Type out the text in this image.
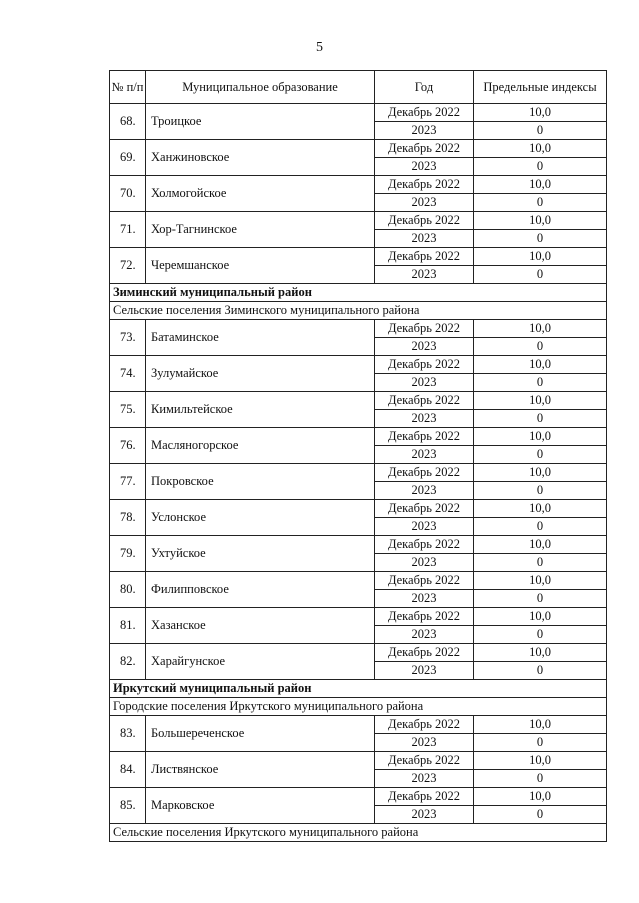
5
№ п/п	Муниципальное образование	Год	Предельные индексы
68.	Троицкое	Декабрь 2022	10,0
		2023	0
69.	Ханжиновское	Декабрь 2022	10,0
		2023	0
70.	Холмогойское	Декабрь 2022	10,0
		2023	0
71.	Хор-Тагнинское	Декабрь 2022	10,0
		2023	0
72.	Черемшанское	Декабрь 2022	10,0
		2023	0
Зиминский муниципальный район			
Сельские поселения Зиминского муниципального района			
73.	Батаминское	Декабрь 2022	10,0
		2023	0
74.	Зулумайское	Декабрь 2022	10,0
		2023	0
75.	Кимильтейское	Декабрь 2022	10,0
		2023	0
76.	Масляногорское	Декабрь 2022	10,0
		2023	0
77.	Покровское	Декабрь 2022	10,0
		2023	0
78.	Услонское	Декабрь 2022	10,0
		2023	0
79.	Ухтуйское	Декабрь 2022	10,0
		2023	0
80.	Филипповское	Декабрь 2022	10,0
		2023	0
81.	Хазанское	Декабрь 2022	10,0
		2023	0
82.	Харайгунское	Декабрь 2022	10,0
		2023	0
Иркутский муниципальный район			
Городские поселения Иркутского муниципального района			
83.	Большереченское	Декабрь 2022	10,0
		2023	0
84.	Листвянское	Декабрь 2022	10,0
		2023	0
85.	Марковское	Декабрь 2022	10,0
		2023	0
Сельские поселения Иркутского муниципального района			
